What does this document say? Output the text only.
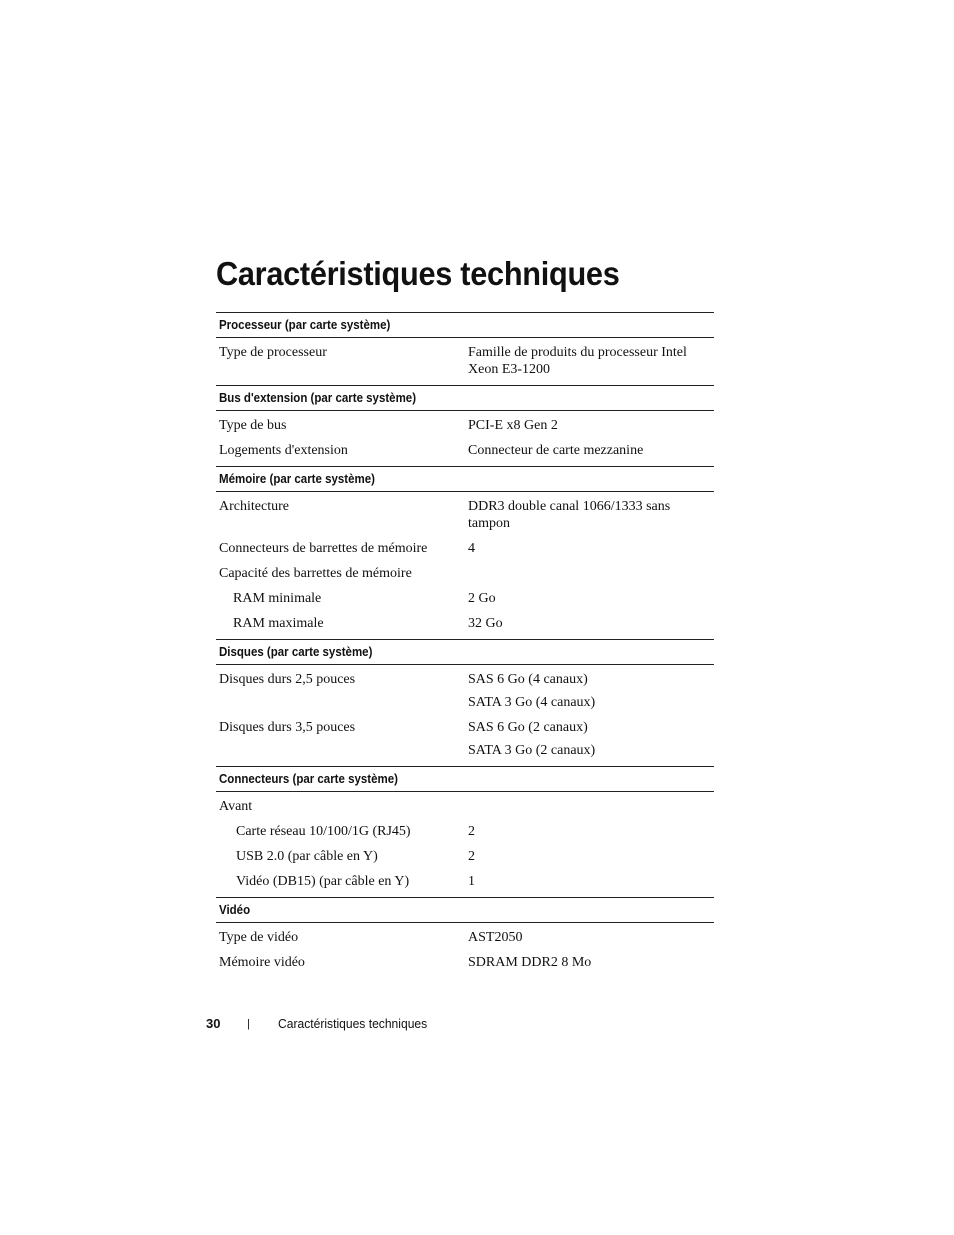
Caractéristiques techniques
Processeur (par carte système)
Type de processeur	Famille de produits du processeur Intel Xeon E3-1200
Bus d'extension (par carte système)
Type de bus	PCI-E x8 Gen 2
Logements d'extension	Connecteur de carte mezzanine
Mémoire (par carte système)
Architecture	DDR3 double canal 1066/1333 sans tampon
Connecteurs de barrettes de mémoire	4
Capacité des barrettes de mémoire
RAM minimale	2 Go
RAM maximale	32 Go
Disques (par carte système)
Disques durs 2,5 pouces	SAS 6 Go (4 canaux)
SATA 3 Go (4 canaux)
Disques durs 3,5 pouces	SAS 6 Go (2 canaux)
SATA 3 Go (2 canaux)
Connecteurs (par carte système)
Avant
Carte réseau 10/100/1G (RJ45)	2
USB 2.0 (par câble en Y)	2
Vidéo (DB15) (par câble en Y)	1
Vidéo
Type de vidéo	AST2050
Mémoire vidéo	SDRAM DDR2 8 Mo
30 | Caractéristiques techniques
